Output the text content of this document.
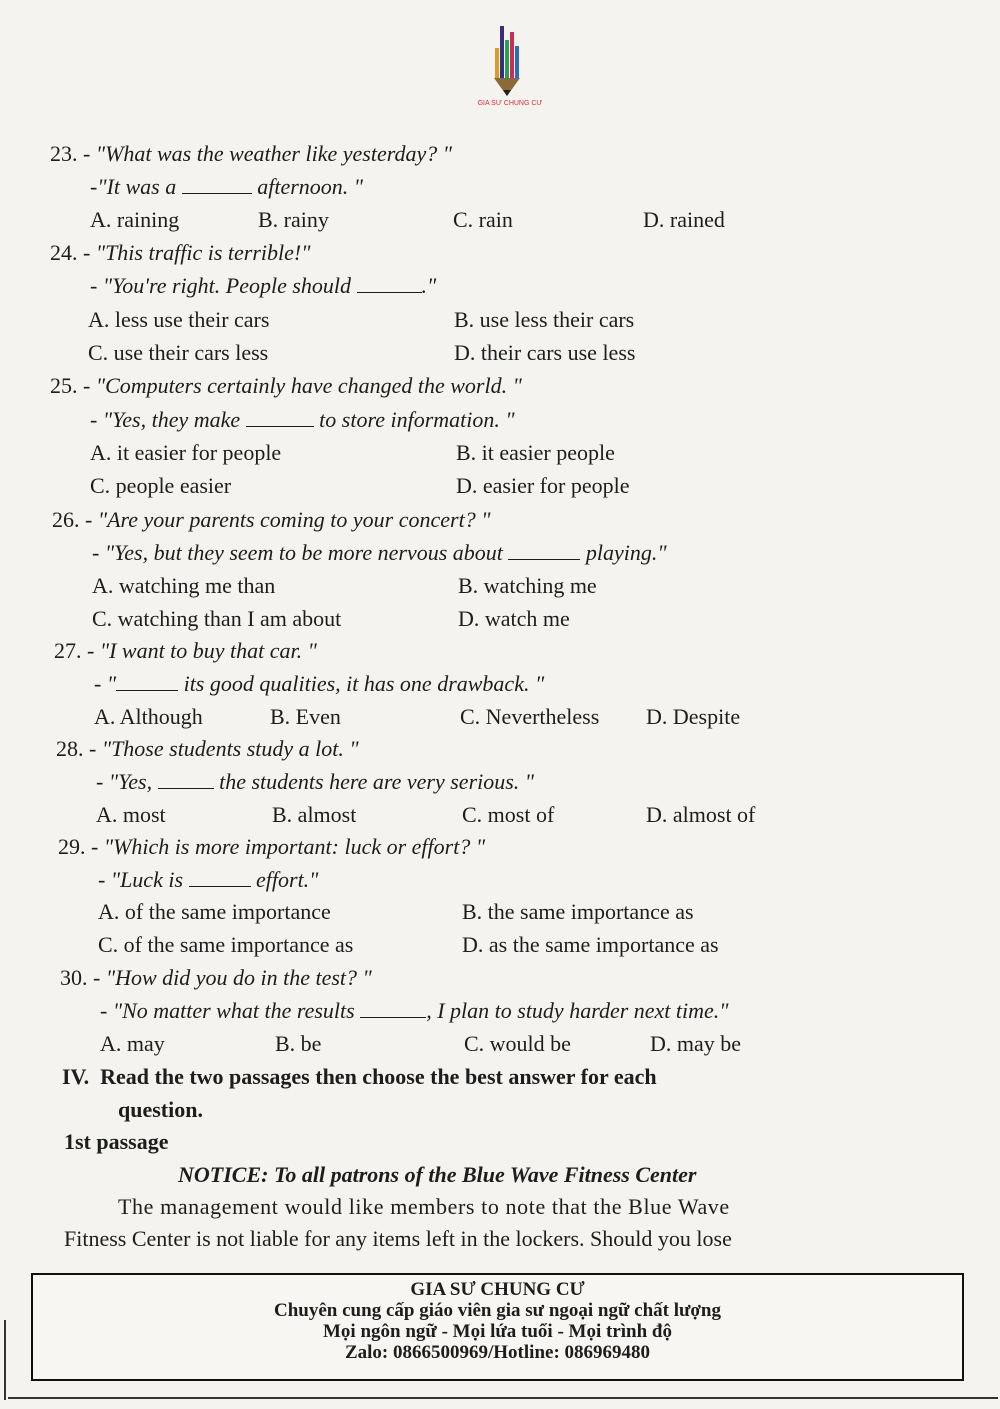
GIA SƯ CHUNG CƯ
23. - "What was the weather like yesterday? "
-"It was a	afternoon. "
A. raining	B. rainy	C. rain	D. rained
24. - "This traffic is terrible!"
- "You're right. People should	."
A. less use their cars	B. use less their cars
C. use their cars less	D. their cars use less
25. - "Computers certainly have changed the world. "
- "Yes, they make	to store information. "
A. it easier for people	B. it easier people
C. people easier	D. easier for people
26. - "Are your parents coming to your concert? "
- "Yes, but they seem to be more nervous about	playing."
A. watching me than	B. watching me
C. watching than I am about	D. watch me
27. - "I want to buy that car. "
- "	its good qualities, it has one drawback. "
A. Although	B. Even	C. Nevertheless D. Despite
28. - "Those students study a lot. "
- "Yes,	the students here are very serious. "
A. most	B. almost	C. most of	D. almost of
29. - "Which is more important: luck or effort? "
- "Luck is	effort."
A. of the same importance	B. the same importance as
C. of the same importance as	D. as the same importance as
30. - "How did you do in the test? "
- "No matter what the results	, I plan to study harder next time."
A. may	B. be	C. would be	D. may be
IV. Read the two passages then choose the best answer for each
question.
1st passage
NOTICE: To all patrons of the Blue Wave Fitness Center
The management would like members to note that the Blue Wave
Fitness Center is not liable for any items left in the lockers. Should you lose
GIA SƯ CHUNG CƯ
Chuyên cung cấp giáo viên gia sư ngoại ngữ chất lượng
Mọi ngôn ngữ - Mọi lứa tuổi - Mọi trình độ
Zalo: 0866500969/Hotline: 086969480
